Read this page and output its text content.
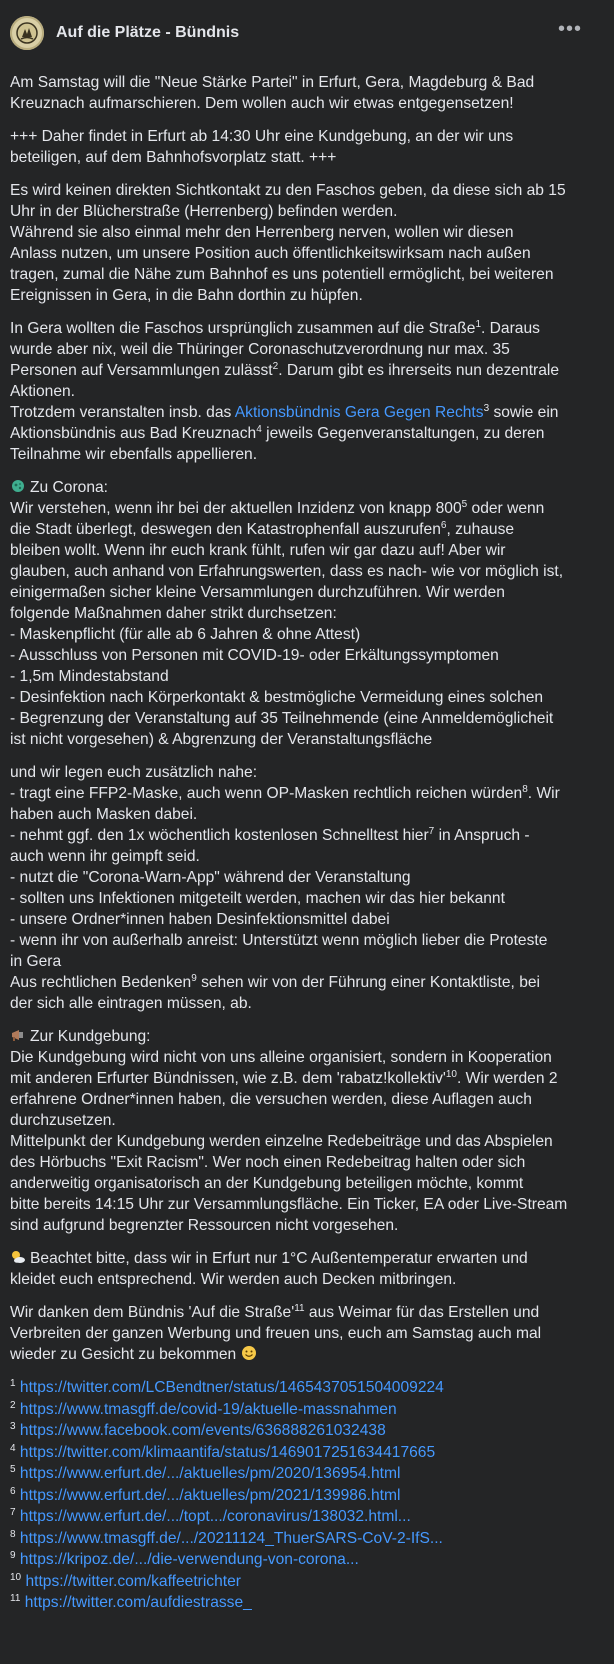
Auf die Plätze - Bündnis	•••
Am Samstag will die "Neue Stärke Partei" in Erfurt, Gera, Magdeburg & Bad
Kreuznach aufmarschieren. Dem wollen auch wir etwas entgegensetzen!
+++ Daher findet in Erfurt ab 14:30 Uhr eine Kundgebung, an der wir uns
beteiligen, auf dem Bahnhofsvorplatz statt. +++
Es wird keinen direkten Sichtkontakt zu den Faschos geben, da diese sich ab 15
Uhr in der Blücherstraße (Herrenberg) befinden werden.
Während sie also einmal mehr den Herrenberg nerven, wollen wir diesen
Anlass nutzen, um unsere Position auch öffentlichkeitswirksam nach außen
tragen, zumal die Nähe zum Bahnhof es uns potentiell ermöglicht, bei weiteren
Ereignissen in Gera, in die Bahn dorthin zu hüpfen.
In Gera wollten die Faschos ursprünglich zusammen auf die Straße$^1$. Daraus
wurde aber nix, weil die Thüringer Coronaschutzverordnung nur max. 35
Personen auf Versammlungen zulässt$^2$. Darum gibt es ihrerseits nun dezentrale
Aktionen.
Trotzdem veranstalten insb. das Aktionsbündnis Gera Gegen Rechts$^3$ sowie ein
Aktionsbündnis aus Bad Kreuznach$^4$ jeweils Gegenveranstaltungen, zu deren
Teilnahme wir ebenfalls appellieren.
Zu Corona:
Wir verstehen, wenn ihr bei der aktuellen Inzidenz von knapp $800^5$ oder wenn
die Stadt überlegt, deswegen den Katastrophenfall auszurufen$^6$, zuhause
bleiben wollt. Wenn ihr euch krank fühlt, rufen wir gar dazu auf! Aber wir
glauben, auch anhand von Erfahrungswerten, dass es nach- wie vor möglich ist,
einigermaßen sicher kleine Versammlungen durchzuführen. Wir werden
folgende Maßnahmen daher strikt durchsetzen:
- Maskenpflicht (für alle ab 6 Jahren & ohne Attest)
- Ausschluss von Personen mit COVID-19- oder Erkältungssymptomen
- 1,5m Mindestabstand
- Desinfektion nach Körperkontakt & bestmögliche Vermeidung eines solchen
- Begrenzung der Veranstaltung auf 35 Teilnehmende (eine Anmeldemöglicheit
ist nicht vorgesehen) & Abgrenzung der Veranstaltungsfläche
und wir legen euch zusätzlich nahe:
- tragt eine FFP2-Maske, auch wenn OP-Masken rechtlich reichen würden$^8$. Wir
haben auch Masken dabei.
- nehmt ggf. den 1x wöchentlich kostenlosen Schnelltest hier$^7$ in Anspruch -
auch wenn ihr geimpft seid.
- nutzt die "Corona-Warn-App" während der Veranstaltung
- sollten uns Infektionen mitgeteilt werden, machen wir das hier bekannt
- unsere Ordner*innen haben Desinfektionsmittel dabei
- wenn ihr von außerhalb anreist: Unterstützt wenn möglich lieber die Proteste
in Gera
Aus rechtlichen Bedenken$^9$ sehen wir von der Führung einer Kontaktliste, bei
der sich alle eintragen müssen, ab.
Zur Kundgebung:
Die Kundgebung wird nicht von uns alleine organisiert, sondern in Kooperation
mit anderen Erfurter Bündnissen, wie z.B. dem '$rabatz!kollektiv'^{10}$. Wir werden 2
erfahrene Ordner*innen haben, die versuchen werden, diese Auflagen auch
durchzusetzen.
Mittelpunkt der Kundgebung werden einzelne Redebeiträge und das Abspielen
des Hörbuchs "Exit Racism". Wer noch einen Redebeitrag halten oder sich
anderweitig organisatorisch an der Kundgebung beteiligen möchte, kommt
bitte bereits 14:15 Uhr zur Versammlungsfläche. Ein Ticker, EA oder Live-Stream
sind aufgrund begrenzter Ressourcen nicht vorgesehen.
Beachtet bitte, dass wir in Erfurt nur 1°C Außentemperatur erwarten und
kleidet euch entsprechend. Wir werden auch Decken mitbringen.
Wir danken dem Bündnis 'Auf die $Straße'^{11}$ aus Weimar für das Erstellen und
Verbreiten der ganzen Werbung und freuen uns, euch am Samstag auch mal
wieder zu Gesicht zu bekommen
$^1$ https://twitter.com/LCBendtner/status/1465437051504009224
$^2$ https://www.tmasgff.de/covid-19/aktuelle-massnahmen
$^3$ https://www.facebook.com/events/636888261032438
$^4$ https://twitter.com/klimaantifa/status/1469017251634417665
$^5$ https://www.erfurt.de/.../aktuelles/pm/2020/136954.html
$^6$ https://www.erfurt.de/.../aktuelles/pm/2021/139986.html
$^7$ https://www.erfurt.de/.../topt.../coronavirus/138032.html...
$^8$ https://www.tmasgff.de/.../20211124_ThuerSARS-CoV-2-IfS...
$^9$ https://kripoz.de/.../die-verwendung-von-corona...
$^{10}$ https://twitter.com/kaffeetrichter
$^{11}$ https://twitter.com/aufdiestrasse_
